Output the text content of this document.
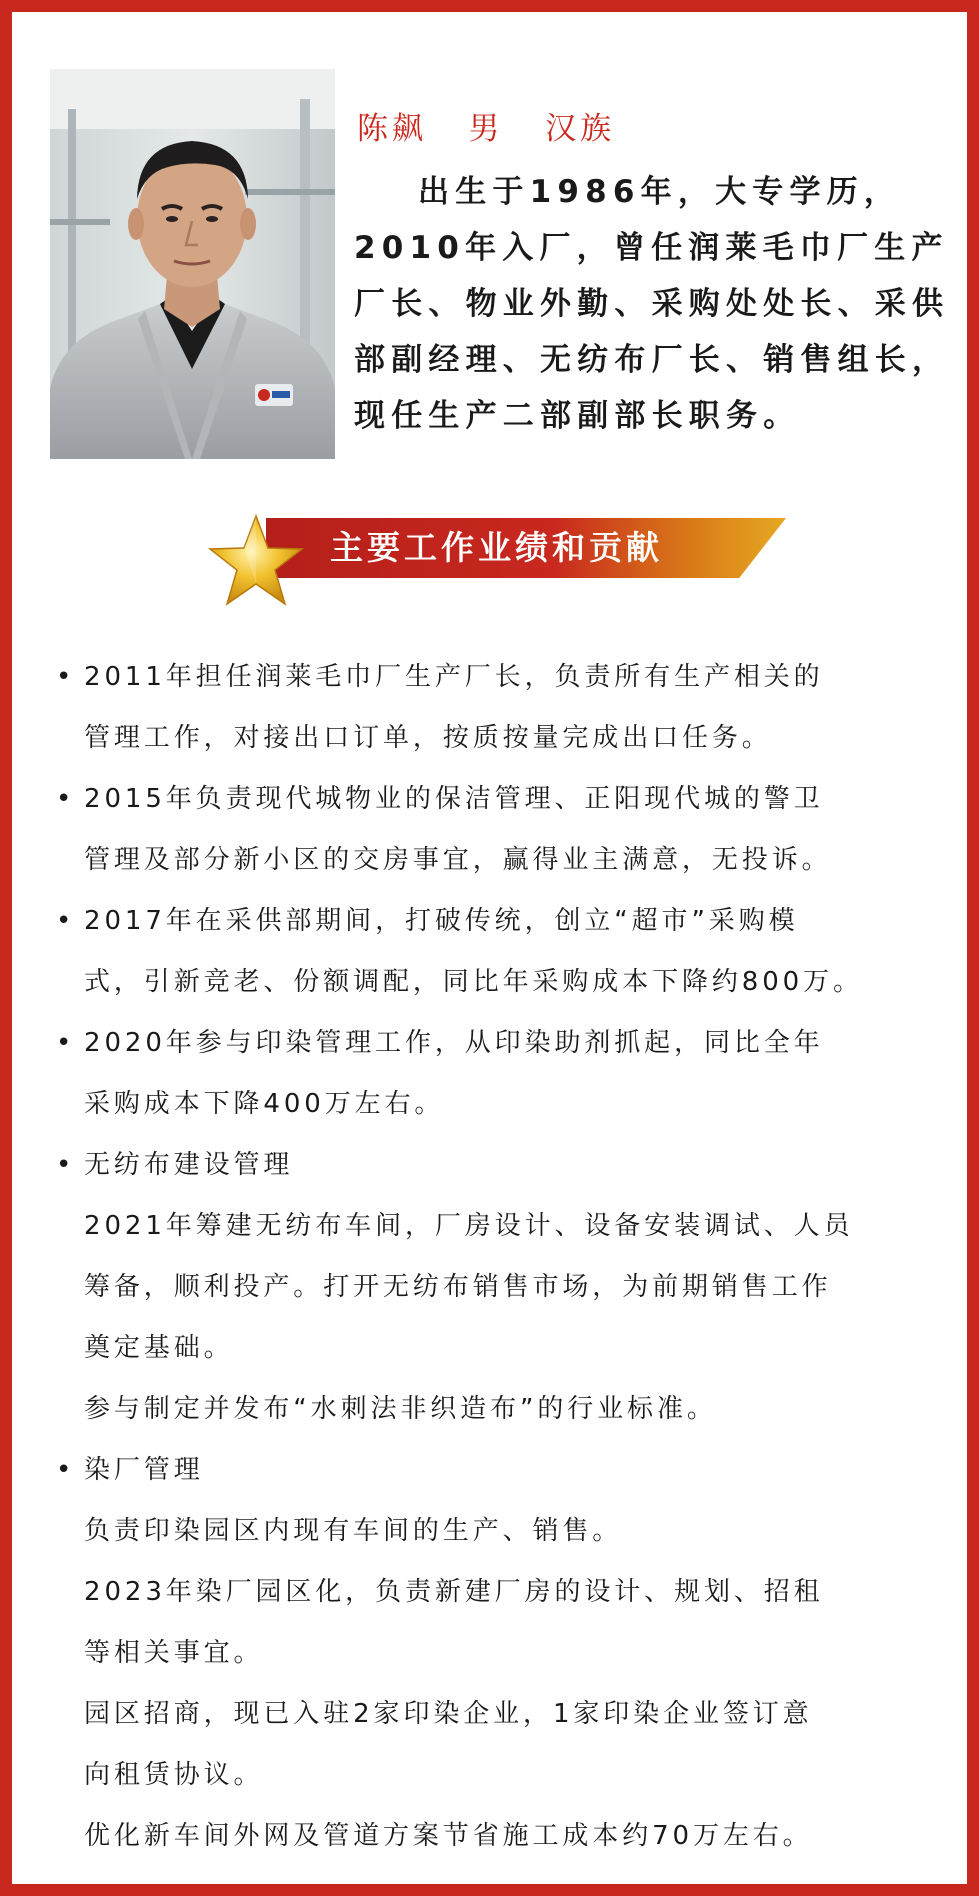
陈飙   男   汉族
出生于1986年，大专学历，2010年入厂，曾任润莱毛巾厂生产厂长、物业外勤、采购处处长、采供部副经理、无纺布厂长、销售组长，现任生产二部副部长职务。
主要工作业绩和贡献
• 2011年担任润莱毛巾厂生产厂长，负责所有生产相关的
管理工作，对接出口订单，按质按量完成出口任务。
• 2015年负责现代城物业的保洁管理、正阳现代城的警卫
管理及部分新小区的交房事宜，赢得业主满意，无投诉。
• 2017年在采供部期间，打破传统，创立“超市”采购模
式，引新竞老、份额调配，同比年采购成本下降约800万。
• 2020年参与印染管理工作，从印染助剂抓起，同比全年
采购成本下降400万左右。
• 无纺布建设管理
2021年筹建无纺布车间，厂房设计、设备安装调试、人员
筹备，顺利投产。打开无纺布销售市场，为前期销售工作
奠定基础。
参与制定并发布“水刺法非织造布”的行业标准。
• 染厂管理
负责印染园区内现有车间的生产、销售。
2023年染厂园区化，负责新建厂房的设计、规划、招租
等相关事宜。
园区招商，现已入驻2家印染企业，1家印染企业签订意
向租赁协议。
优化新车间外网及管道方案节省施工成本约70万左右。
